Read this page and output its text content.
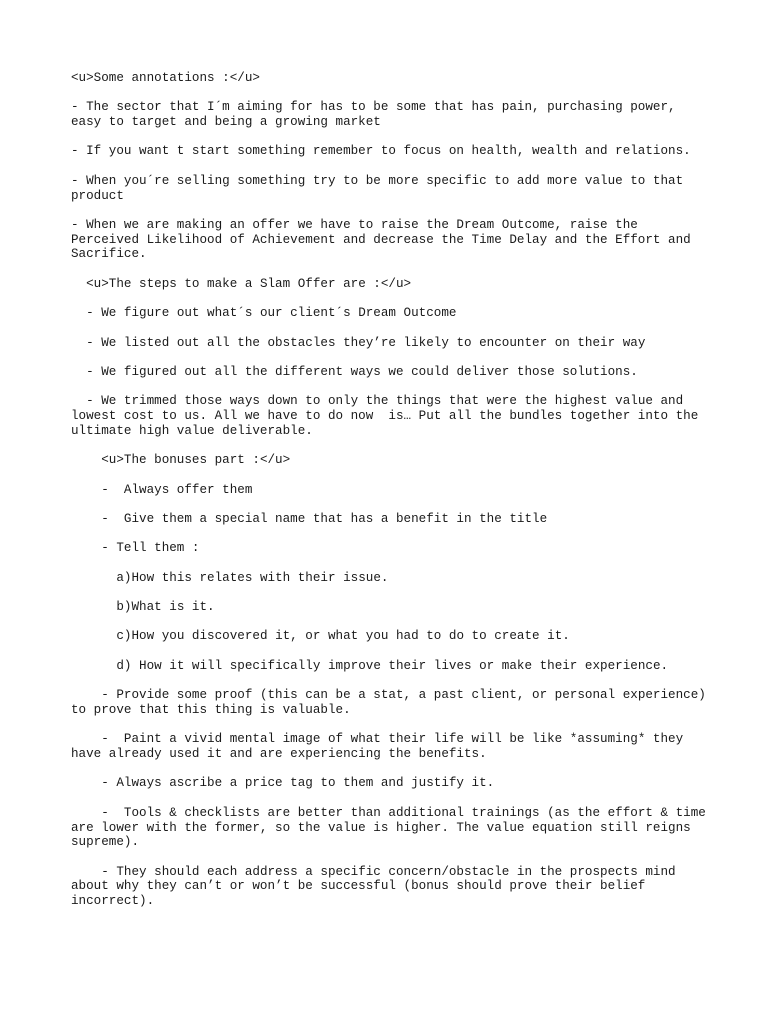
<u>Some annotations :</u>

- The sector that I´m aiming for has to be some that has pain, purchasing power, easy to target and being a growing market

- If you want t start something remember to focus on health, wealth and relations.

- When you´re selling something try to be more specific to add more value to that product

- When we are making an offer we have to raise the Dream Outcome, raise the Perceived Likelihood of Achievement and decrease the Time Delay and the Effort and Sacrifice.

<u>The steps to make a Slam Offer are :</u>

- We figure out what´s our client´s Dream Outcome

- We listed out all the obstacles they’re likely to encounter on their way

- We figured out all the different ways we could deliver those solutions.

- We trimmed those ways down to only the things that were the highest value and lowest cost to us. All we have to do now  is… Put all the bundles together into the ultimate high value deliverable.

<u>The bonuses part :</u>

-  Always offer them

-  Give them a special name that has a benefit in the title

- Tell them :

a)How this relates with their issue.

b)What is it.

c)How you discovered it, or what you had to do to create it.

d) How it will specifically improve their lives or make their experience.

- Provide some proof (this can be a stat, a past client, or personal experience) to prove that this thing is valuable.

-  Paint a vivid mental image of what their life will be like *assuming* they have already used it and are experiencing the benefits.

- Always ascribe a price tag to them and justify it.

-  Tools & checklists are better than additional trainings (as the effort & time are lower with the former, so the value is higher. The value equation still reigns supreme).

- They should each address a specific concern/obstacle in the prospects mind about why they can’t or won’t be successful (bonus should prove their belief incorrect).
